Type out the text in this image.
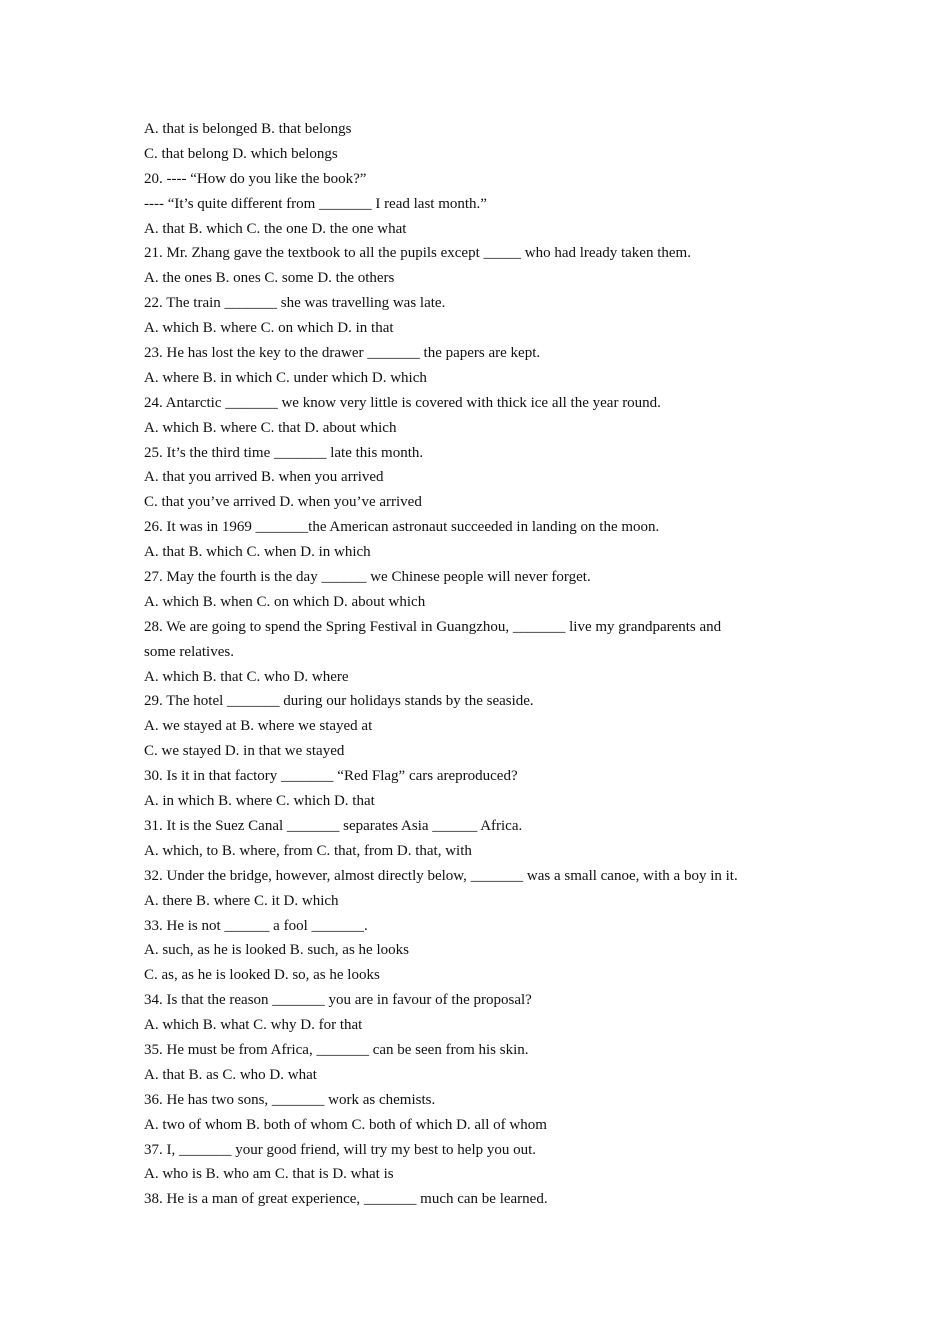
A. that is belonged B. that belongs
C. that belong D. which belongs
20. ---- “How do you like the book?”
---- “It’s quite different from _______ I read last month.”
A. that B. which C. the one D. the one what
21. Mr. Zhang gave the textbook to all the pupils except _____ who had lready taken them.
A. the ones B. ones C. some D. the others
22. The train _______ she was travelling was late.
A. which B. where C. on which D. in that
23. He has lost the key to the drawer _______ the papers are kept.
A. where B. in which C. under which D. which
24. Antarctic _______ we know very little is covered with thick ice all the year round.
A. which B. where C. that D. about which
25. It’s the third time _______ late this month.
A. that you arrived B. when you arrived
C. that you’ve arrived D. when you’ve arrived
26. It was in 1969 _______the American astronaut succeeded in landing on the moon.
A. that B. which C. when D. in which
27. May the fourth is the day ______ we Chinese people will never forget.
A. which B. when C. on which D. about which
28. We are going to spend the Spring Festival in Guangzhou, _______ live my grandparents and
some relatives.
A. which B. that C. who D. where
29. The hotel _______ during our holidays stands by the seaside.
A. we stayed at B. where we stayed at
C. we stayed D. in that we stayed
30. Is it in that factory _______ “Red Flag” cars areproduced?
A. in which B. where C. which D. that
31. It is the Suez Canal _______ separates Asia ______ Africa.
A. which, to B. where, from C. that, from D. that, with
32. Under the bridge, however, almost directly below, _______ was a small canoe, with a boy in it.
A. there B. where C. it D. which
33. He is not ______ a fool _______.
A. such, as he is looked B. such, as he looks
C. as, as he is looked D. so, as he looks
34. Is that the reason _______ you are in favour of the proposal?
A. which B. what C. why D. for that
35. He must be from Africa, _______ can be seen from his skin.
A. that B. as C. who D. what
36. He has two sons, _______ work as chemists.
A. two of whom B. both of whom C. both of which D. all of whom
37. I, _______ your good friend, will try my best to help you out.
A. who is B. who am C. that is D. what is
38. He is a man of great experience, _______ much can be learned.
